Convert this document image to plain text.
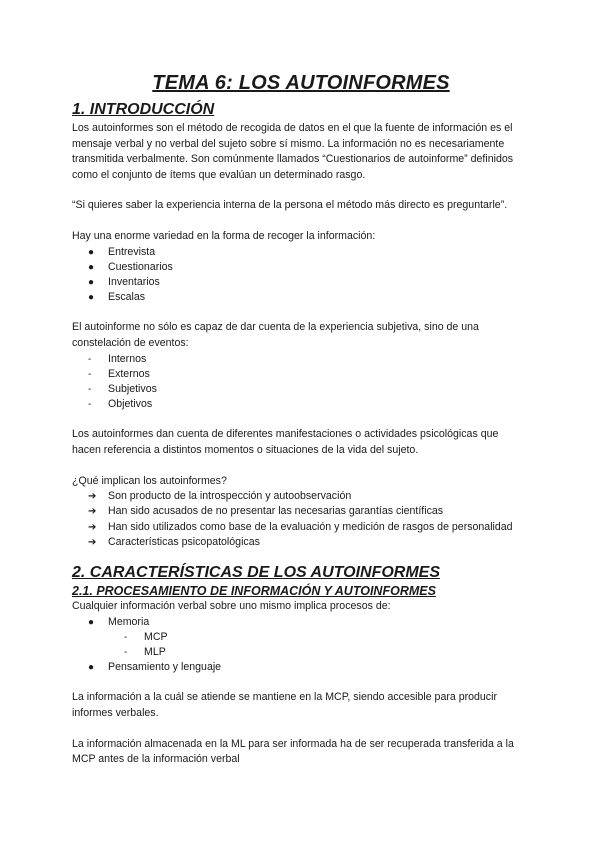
TEMA 6: LOS AUTOINFORMES
1. INTRODUCCIÓN

Los autoinformes son el método de recogida de datos en el que la fuente de información es el mensaje verbal y no verbal del sujeto sobre sí mismo. La información no es necesariamente transmitida verbalmente. Son comúnmente llamados “Cuestionarios de autoinforme” definidos como el conjunto de ítems que evalúan un determinado rasgo.

“Si quieres saber la experiencia interna de la persona el método más directo es preguntarle”.

Hay una enorme variedad en la forma de recoger la información:

● Entrevista
● Cuestionarios
● Inventarios
● Escalas

El autoinforme no sólo es capaz de dar cuenta de la experiencia subjetiva, sino de una constelación de eventos:

- Internos
- Externos
- Subjetivos
- Objetivos

Los autoinformes dan cuenta de diferentes manifestaciones o actividades psicológicas que hacen referencia a distintos momentos o situaciones de la vida del sujeto.

¿Qué implican los autoinformes?

➔ Son producto de la introspección y autoobservación
➔ Han sido acusados de no presentar las necesarias garantías científicas
➔ Han sido utilizados como base de la evaluación y medición de rasgos de personalidad
➔ Características psicopatológicas
2. CARACTERÍSTICAS DE LOS AUTOINFORMES
2.1. PROCESAMIENTO DE INFORMACIÓN Y AUTOINFORMES

Cualquier información verbal sobre uno mismo implica procesos de:

● Memoria
- MCP
- MLP
● Pensamiento y lenguaje

La información a la cuál se atiende se mantiene en la MCP, siendo accesible para producir informes verbales.

La información almacenada en la ML para ser informada ha de ser recuperada transferida a la MCP antes de la información verbal
